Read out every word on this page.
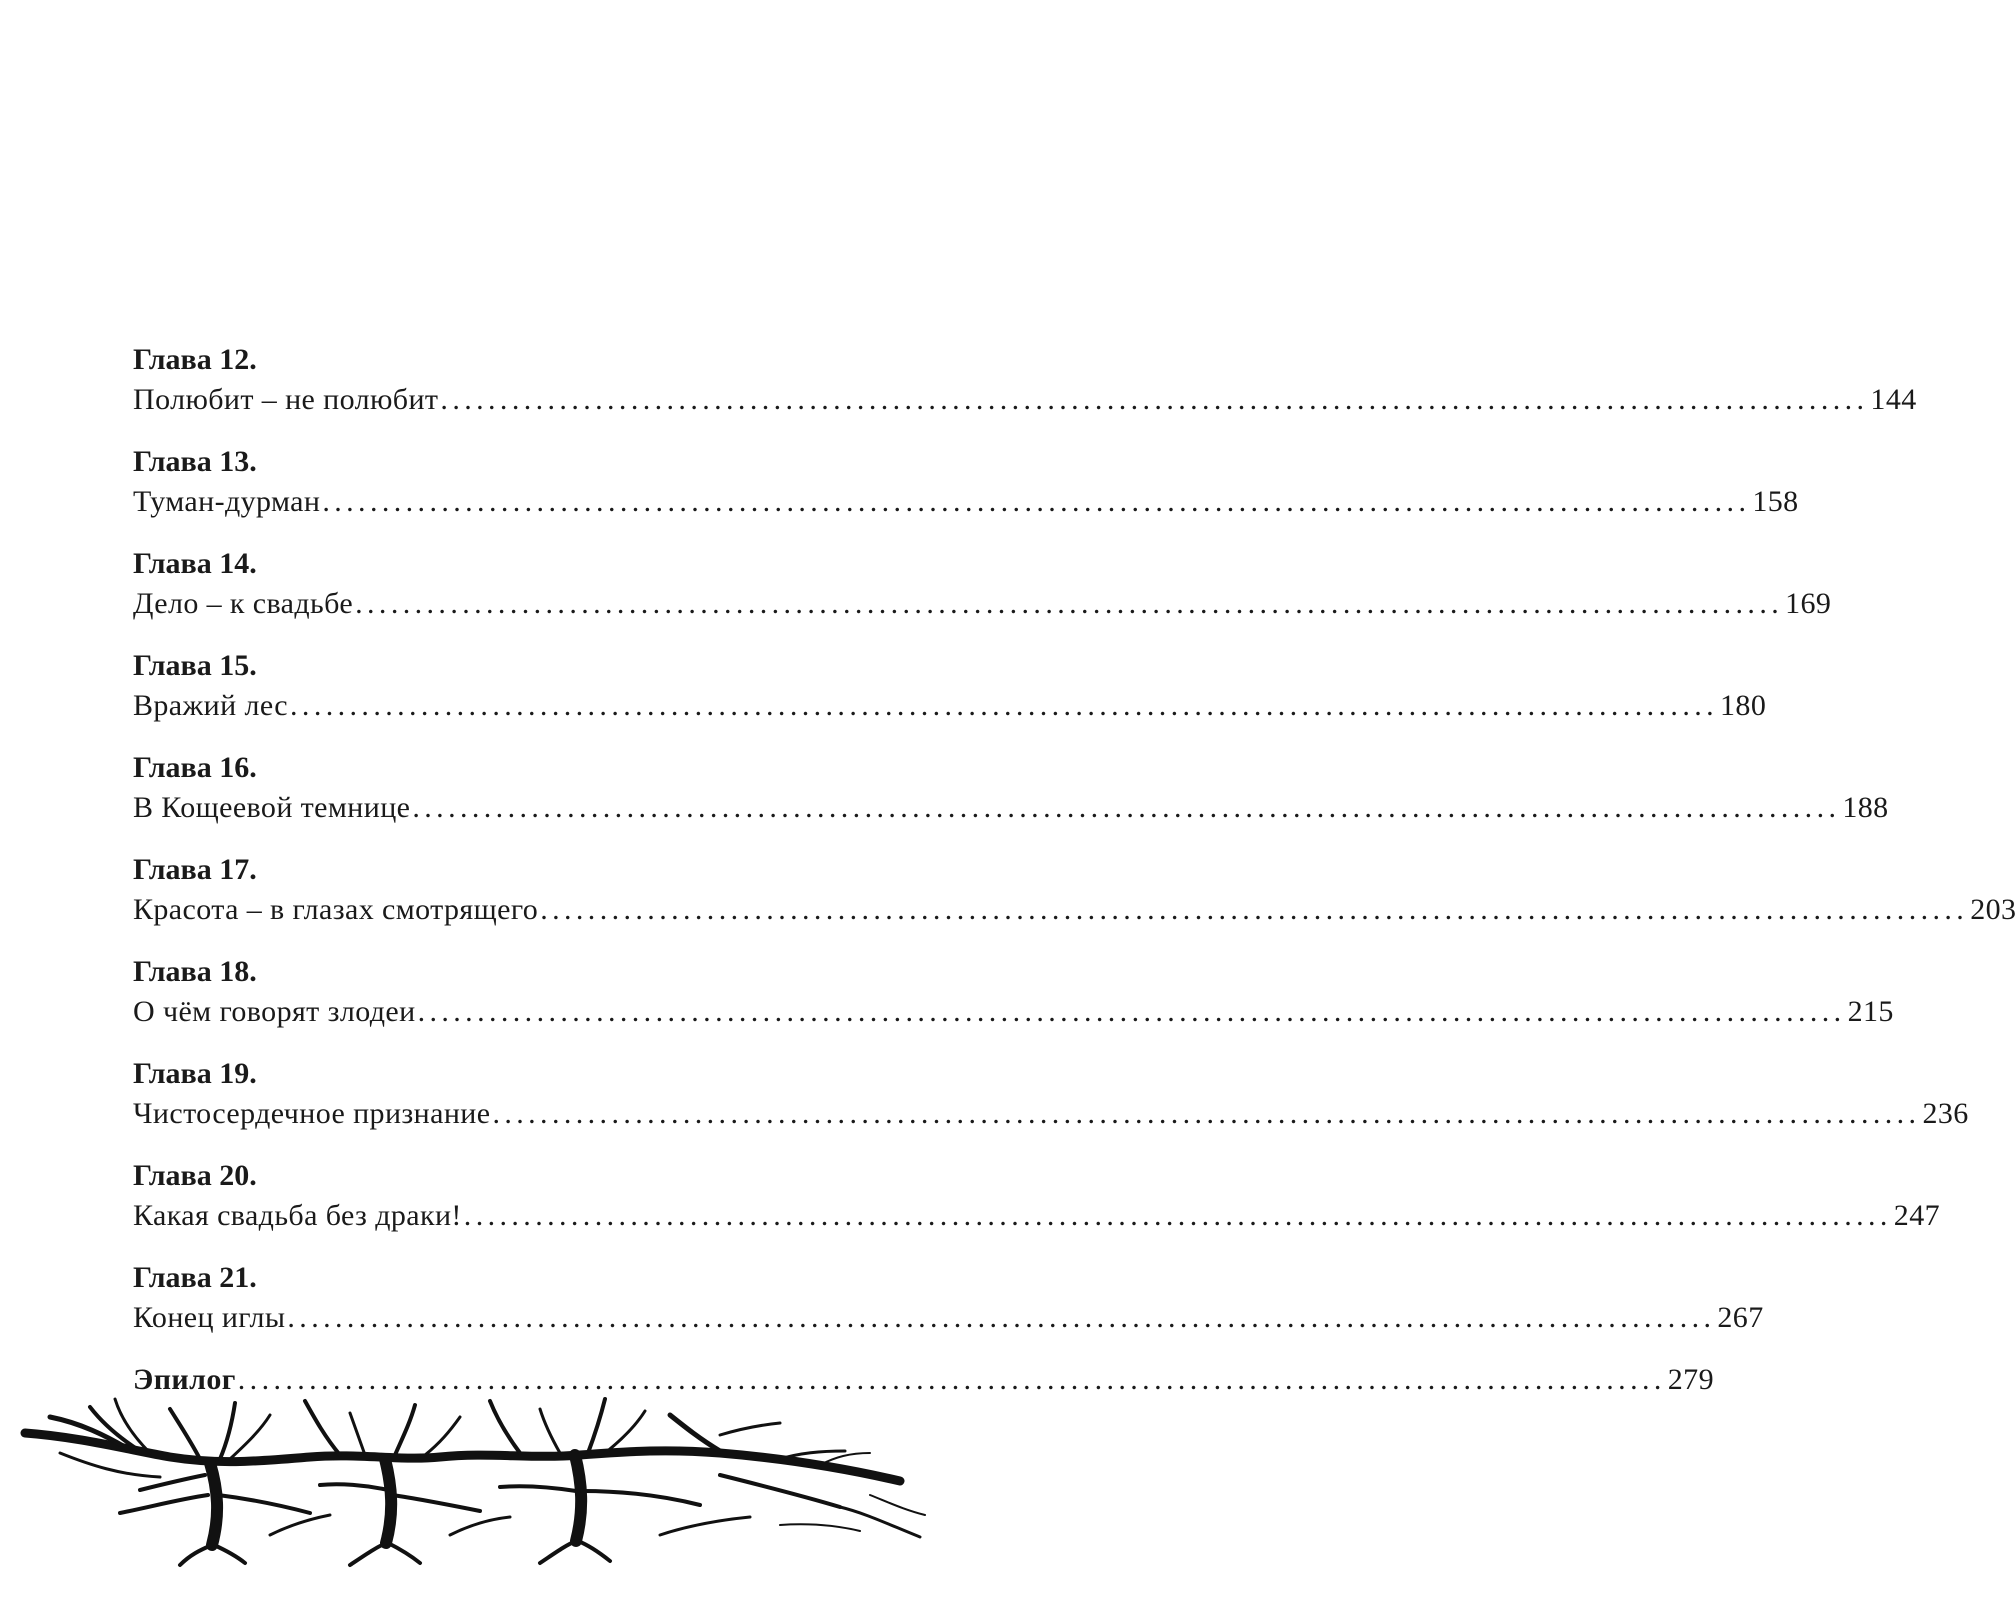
Глава 12.
Полюбит – не полюбит ........................................................................................................................ 144
Глава 13.
Туман-дурман ........................................................................................................................ 158
Глава 14.
Дело – к свадьбе ........................................................................................................................ 169
Глава 15.
Вражий лес ........................................................................................................................ 180
Глава 16.
В Кощеевой темнице ........................................................................................................................ 188
Глава 17.
Красота – в глазах смотрящего ........................................................................................................................ 203
Глава 18.
О чём говорят злодеи ........................................................................................................................ 215
Глава 19.
Чистосердечное признание ........................................................................................................................ 236
Глава 20.
Какая свадьба без драки! ........................................................................................................................ 247
Глава 21.
Конец иглы ........................................................................................................................ 267
Эпилог ........................................................................................................................ 279
